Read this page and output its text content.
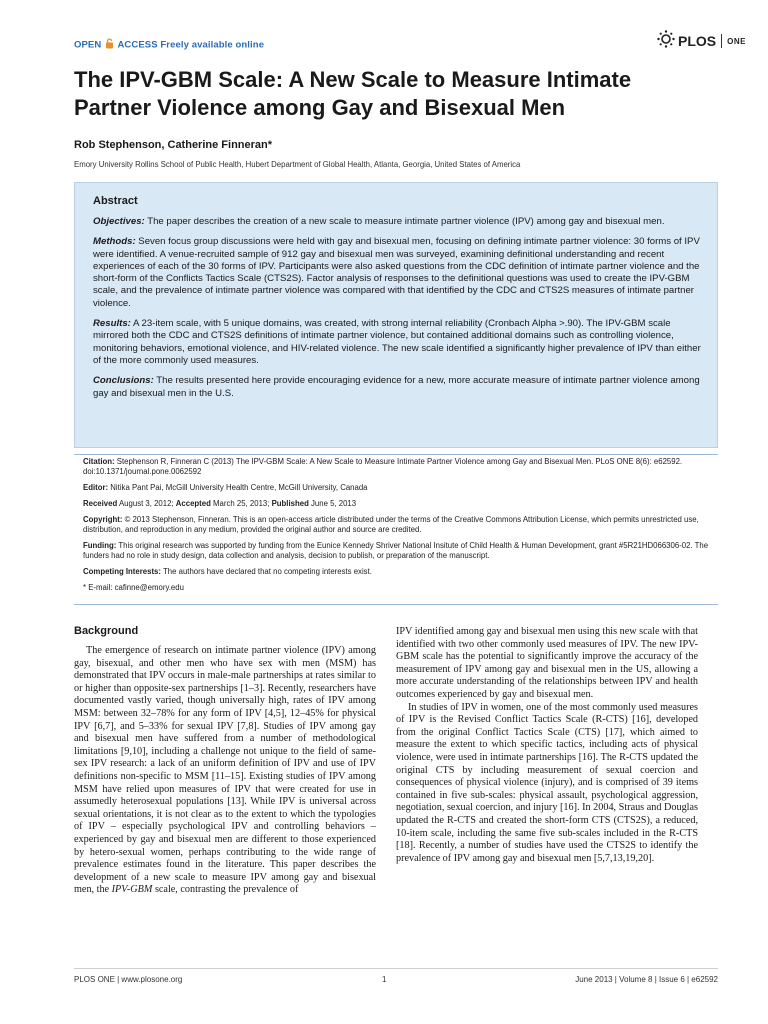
OPEN ACCESS Freely available online	PLOS ONE
The IPV-GBM Scale: A New Scale to Measure Intimate Partner Violence among Gay and Bisexual Men
Rob Stephenson, Catherine Finneran*
Emory University Rollins School of Public Health, Hubert Department of Global Health, Atlanta, Georgia, United States of America
Abstract

Objectives: The paper describes the creation of a new scale to measure intimate partner violence (IPV) among gay and bisexual men.

Methods: Seven focus group discussions were held with gay and bisexual men, focusing on defining intimate partner violence: 30 forms of IPV were identified. A venue-recruited sample of 912 gay and bisexual men was surveyed, examining definitional understanding and recent experiences of each of the 30 forms of IPV. Participants were also asked questions from the CDC definition of intimate partner violence and the short-form of the Conflicts Tactics Scale (CTS2S). Factor analysis of responses to the definitional questions was used to create the IPV-GBM scale, and the prevalence of intimate partner violence was compared with that identified by the CDC and CTS2S measures of intimate partner violence.

Results: A 23-item scale, with 5 unique domains, was created, with strong internal reliability (Cronbach Alpha >.90). The IPV-GBM scale mirrored both the CDC and CTS2S definitions of intimate partner violence, but contained additional domains such as controlling violence, monitoring behaviors, emotional violence, and HIV-related violence. The new scale identified a significantly higher prevalence of IPV than either of the more commonly used measures.

Conclusions: The results presented here provide encouraging evidence for a new, more accurate measure of intimate partner violence among gay and bisexual men in the U.S.

Citation: Stephenson R, Finneran C (2013) The IPV-GBM Scale: A New Scale to Measure Intimate Partner Violence among Gay and Bisexual Men. PLoS ONE 8(6): e62592. doi:10.1371/journal.pone.0062592

Editor: Nitika Pant Pai, McGill University Health Centre, McGill University, Canada

Received August 3, 2012; Accepted March 25, 2013; Published June 5, 2013

Copyright: © 2013 Stephenson, Finneran. This is an open-access article distributed under the terms of the Creative Commons Attribution License, which permits unrestricted use, distribution, and reproduction in any medium, provided the original author and source are credited.

Funding: This original research was supported by funding from the Eunice Kennedy Shriver National Insitute of Child Health & Human Development, grant #5R21HD066306-02. The funders had no role in study design, data collection and analysis, decision to publish, or preparation of the manuscript.

Competing Interests: The authors have declared that no competing interests exist.

* E-mail: cafinne@emory.edu

Background

The emergence of research on intimate partner violence (IPV) among gay, bisexual, and other men who have sex with men (MSM) has demonstrated that IPV occurs in male-male partnerships at rates similar to or higher than opposite-sex partnerships [1–3]. Recently, researchers have documented vastly varied, though universally high, rates of IPV among MSM: between 32–78% for any form of IPV [4,5], 12–45% for physical IPV [6,7], and 5–33% for sexual IPV [7,8]. Studies of IPV among gay and bisexual men have suffered from a number of methodological limitations [9,10], including a challenge not unique to the field of same-sex IPV research: a lack of an uniform definition of IPV and use of IPV definitions non-specific to MSM [11–15]. Existing studies of IPV among MSM have relied upon measures of IPV that were created for use in assumedly heterosexual populations [13]. While IPV is universal across sexual orientations, it is not clear as to the extent to which the typologies of IPV – especially psychological IPV and controlling behaviors – experienced by gay and bisexual men are different to those experienced by hetero-sexual women, perhaps contributing to the wide range of prevalence estimates found in the literature. This paper describes the development of a new scale to measure IPV among gay and bisexual men, the IPV-GBM scale, contrasting the prevalence of

IPV identified among gay and bisexual men using this new scale with that identified with two other commonly used measures of IPV. The new IPV-GBM scale has the potential to significantly improve the accuracy of the measurement of IPV among gay and bisexual men in the US, allowing a more accurate understanding of the relationships between IPV and health outcomes experienced by gay and bisexual men.

In studies of IPV in women, one of the most commonly used measures of IPV is the Revised Conflict Tactics Scale (R-CTS) [16], developed from the original Conflict Tactics Scale (CTS) [17], which aimed to measure the extent to which specific tactics, including acts of physical violence, were used in intimate partnerships [16]. The R-CTS updated the original CTS by including measurement of sexual coercion and consequences of physical violence (injury), and is comprised of 39 items contained in five sub-scales: physical assault, psychological aggression, negotiation, sexual coercion, and injury [16]. In 2004, Straus and Douglas updated the R-CTS and created the short-form CTS (CTS2S), a reduced, 10-item scale, including the same five sub-scales included in the R-CTS [18]. Recently, a number of studies have used the CTS2S to identify the prevalence of IPV among gay and bisexual men [5,7,13,19,20].

PLOS ONE | www.plosone.org	1	June 2013 | Volume 8 | Issue 6 | e62592
